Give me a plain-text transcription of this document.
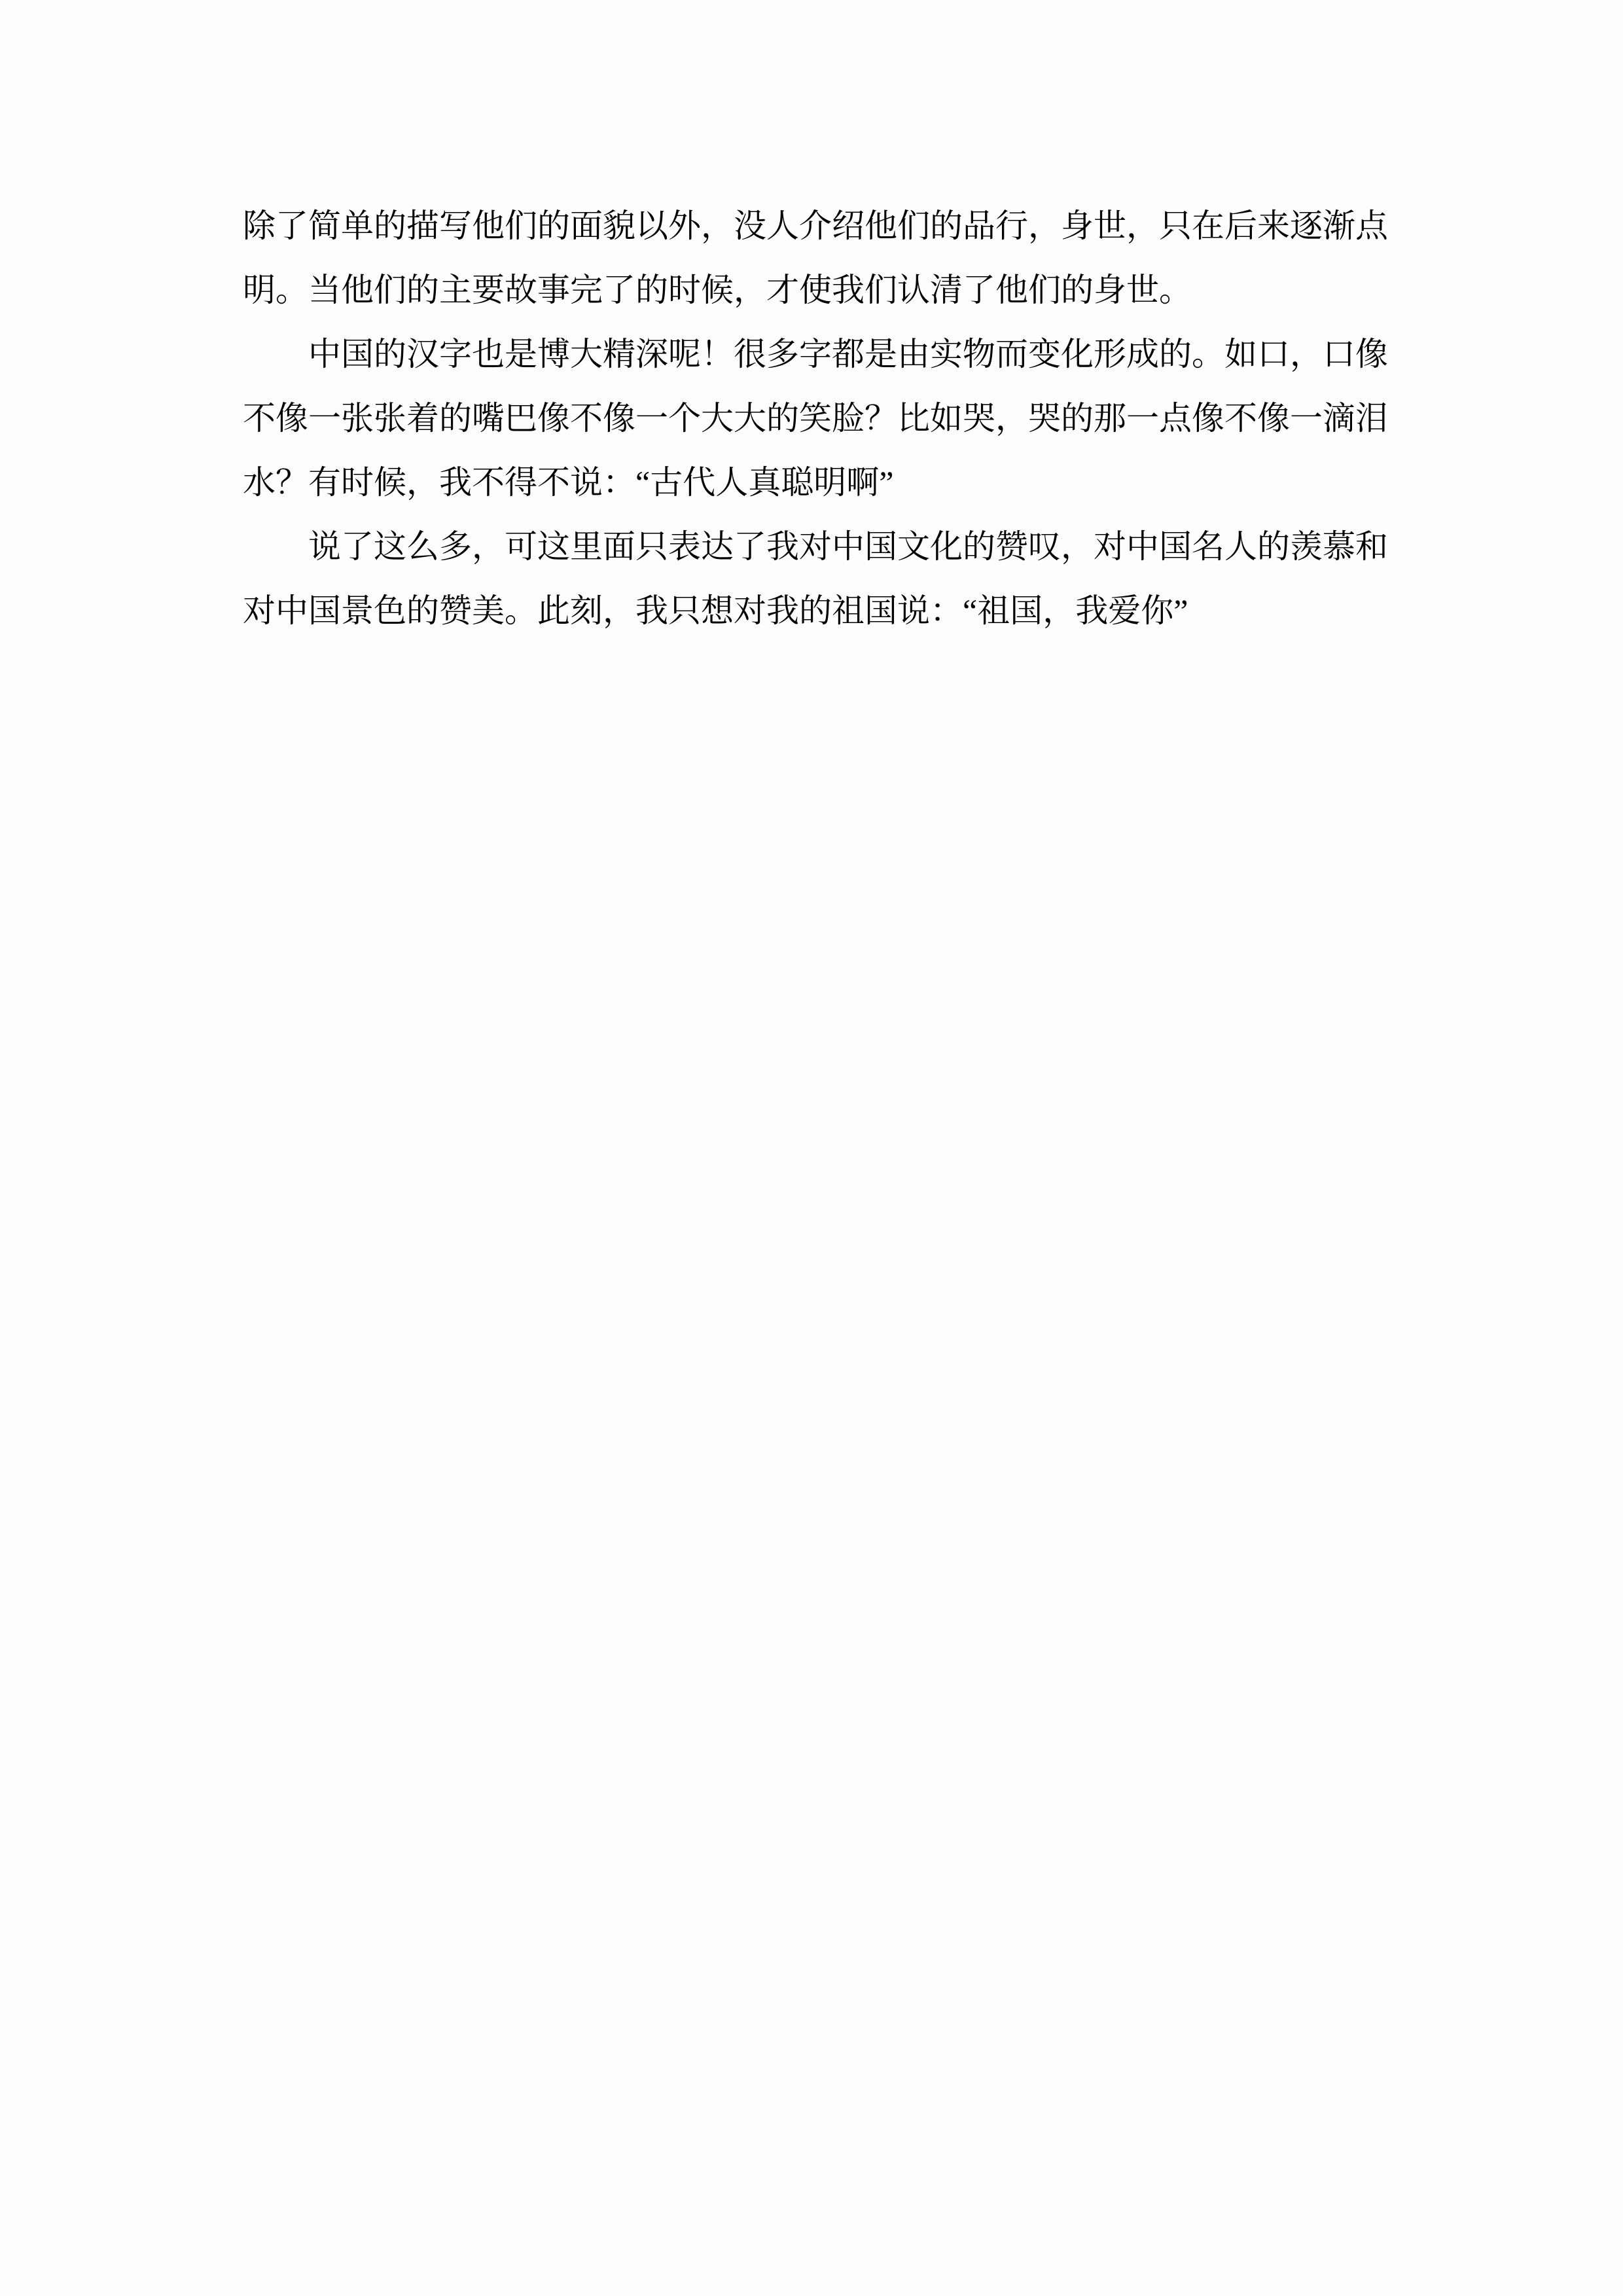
除了简单的描写他们的面貌以外，没人介绍他们的品行，身世，只在后来逐渐点
明。当他们的主要故事完了的时候，才使我们认清了他们的身世。
中国的汉字也是博大精深呢！很多字都是由实物而变化形成的。如口，口像
不像一张张着的嘴巴像不像一个大大的笑脸？比如哭，哭的那一点像不像一滴泪
水？有时候，我不得不说：“古代人真聪明啊”
说了这么多，可这里面只表达了我对中国文化的赞叹，对中国名人的羡慕和
对中国景色的赞美。此刻，我只想对我的祖国说：“祖国，我爱你”
